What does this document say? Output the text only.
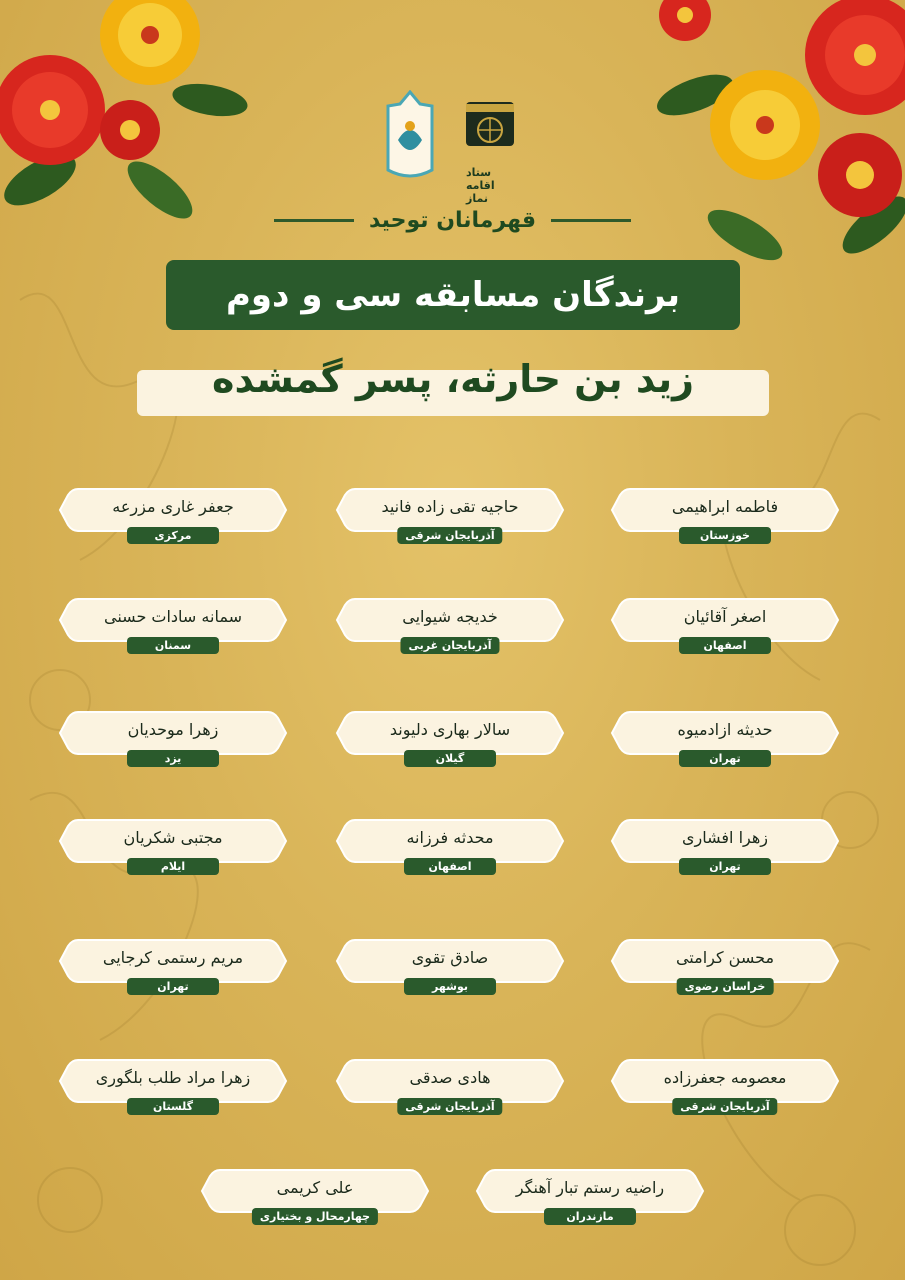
ستاد اقامه نماز
قهرمانان توحید
برندگان مسابقه سی و دوم
زید بن حارثه، پسر گمشده
فاطمه ابراهیمی
خوزستان
حاجیه تقی زاده فانید
آذربایجان شرقی
جعفر غاری مزرعه
مرکزی
اصغر آقائیان
اصفهان
خدیجه شیوایی
آذربایجان غربی
سمانه سادات حسنی
سمنان
حدیثه ازادمیوه
تهران
سالار بهاری دلیوند
گیلان
زهرا موحدیان
یزد
زهرا افشاری
تهران
محدثه فرزانه
اصفهان
مجتبی شکریان
ایلام
محسن کرامتی
خراسان رضوی
صادق تقوی
بوشهر
مریم رستمی کرجایی
تهران
معصومه جعفرزاده
آذربایجان شرقی
هادی صدقی
آذربایجان شرقی
زهرا مراد طلب بلگوری
گلستان
راضیه رستم تبار آهنگر
مازندران
علی کریمی
چهارمحال و بختیاری
